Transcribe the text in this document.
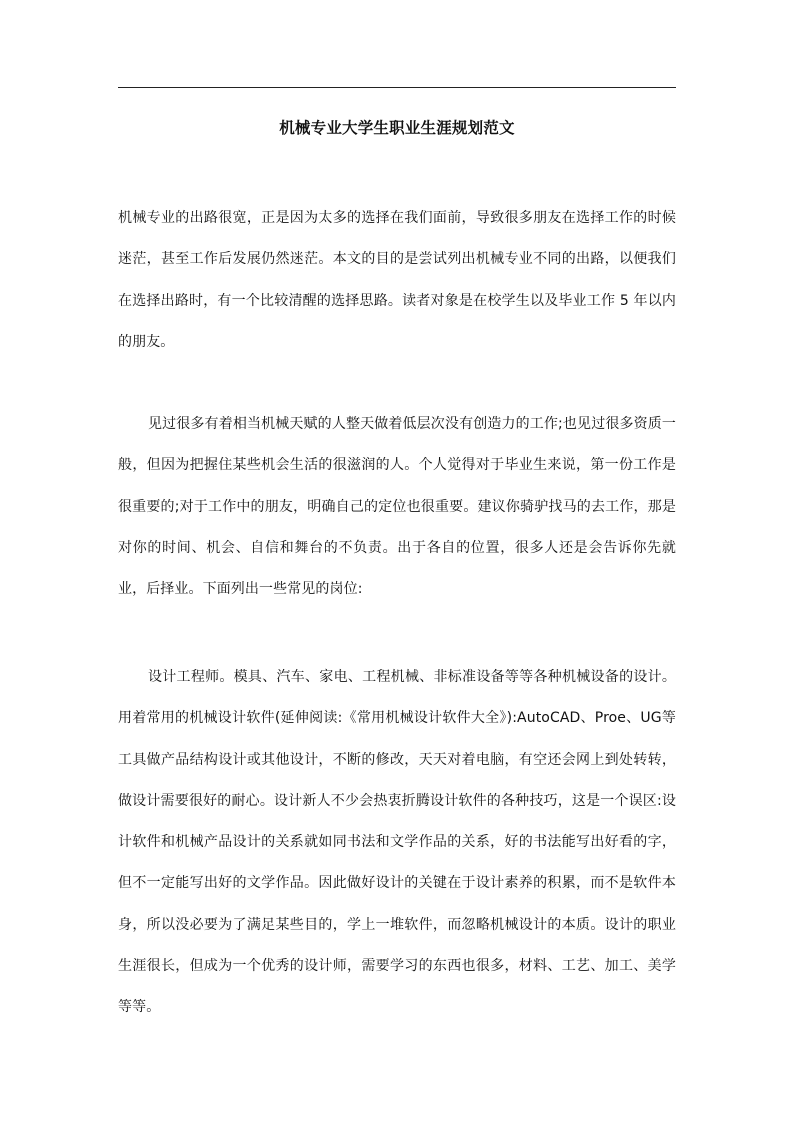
机械专业大学生职业生涯规划范文

机械专业的出路很宽，正是因为太多的选择在我们面前，导致很多朋友在选择工作的时候迷茫，甚至工作后发展仍然迷茫。本文的目的是尝试列出机械专业不同的出路，以便我们在选择出路时，有一个比较清醒的选择思路。读者对象是在校学生以及毕业工作 5 年以内的朋友。

见过很多有着相当机械天赋的人整天做着低层次没有创造力的工作;也见过很多资质一般，但因为把握住某些机会生活的很滋润的人。个人觉得对于毕业生来说，第一份工作是很重要的;对于工作中的朋友，明确自己的定位也很重要。建议你骑驴找马的去工作，那是对你的时间、机会、自信和舞台的不负责。出于各自的位置，很多人还是会告诉你先就业，后择业。下面列出一些常见的岗位:

设计工程师。模具、汽车、家电、工程机械、非标准设备等等各种机械设备的设计。用着常用的机械设计软件(延伸阅读:《常用机械设计软件大全》):AutoCAD、Proe、UG等工具做产品结构设计或其他设计，不断的修改，天天对着电脑，有空还会网上到处转转，做设计需要很好的耐心。设计新人不少会热衷折腾设计软件的各种技巧，这是一个误区:设计软件和机械产品设计的关系就如同书法和文学作品的关系，好的书法能写出好看的字，但不一定能写出好的文学作品。因此做好设计的关键在于设计素养的积累，而不是软件本身，所以没必要为了满足某些目的，学上一堆软件，而忽略机械设计的本质。设计的职业生涯很长，但成为一个优秀的设计师，需要学习的东西也很多，材料、工艺、加工、美学等等。
